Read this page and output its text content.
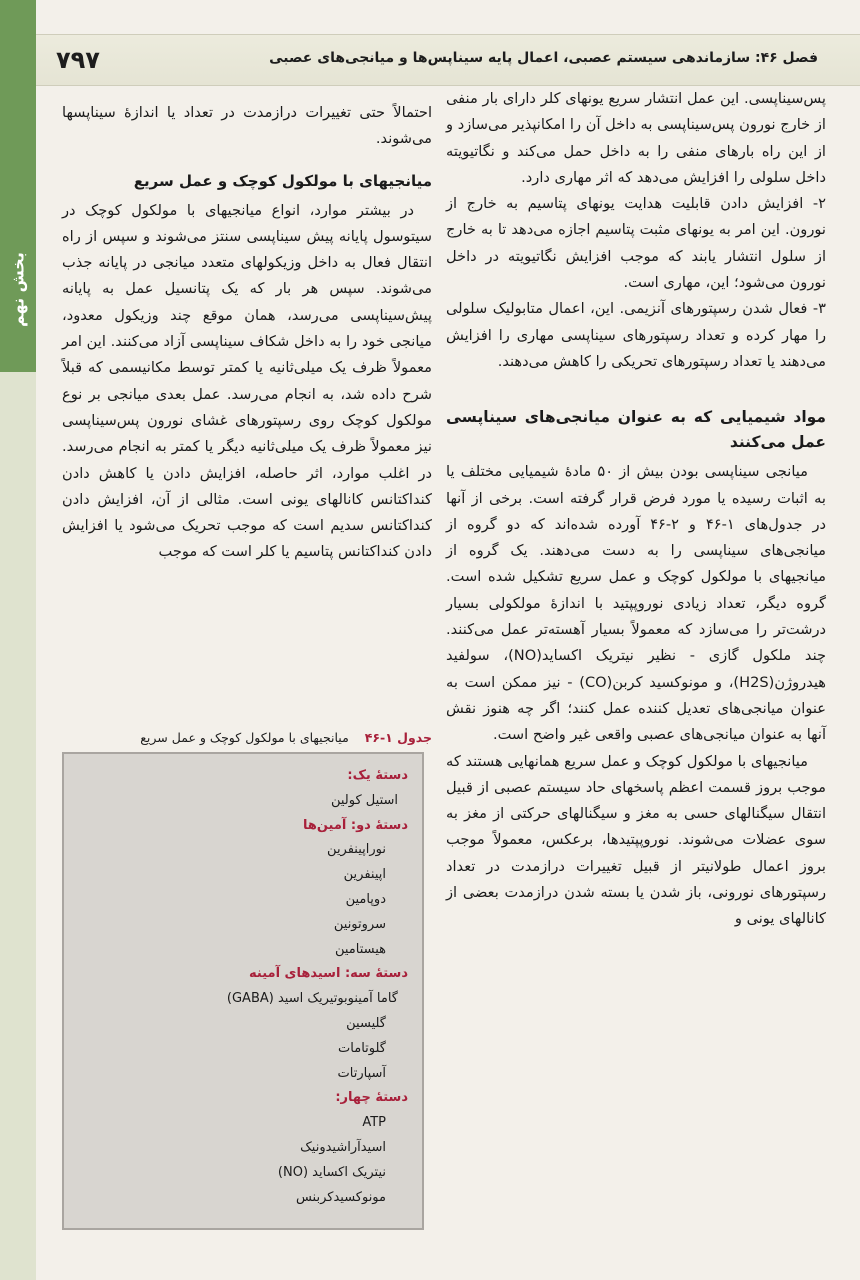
بخش نهم
فصل ۴۶: سازماندهی سیستم عصبی، اعمال پایه سیناپس‌ها و میانجی‌های عصبی
۷۹۷

پس‌سیناپسی. این عمل انتشار سریع یونهای کلر دارای بار منفی از خارج نورون پس‌سیناپسی به داخل آن را امکانپذیر می‌سازد و از این راه بارهای منفی را به داخل حمل می‌کند و نگاتیویته داخل سلولی را افزایش می‌دهد که اثر مهاری دارد.

۲- افزایش دادن قابلیت هدایت یونهای پتاسیم به خارج از نورون. این امر به یونهای مثبت پتاسیم اجازه می‌دهد تا به خارج از سلول انتشار یابند که موجب افزایش نگاتیویته در داخل نورون می‌شود؛ این، مهاری است.

۳- فعال شدن رسپتورهای آنزیمی. این، اعمال متابولیک سلولی را مهار کرده و تعداد رسپتورهای سیناپسی مهاری را افزایش می‌دهند یا تعداد رسپتورهای تحریکی را کاهش می‌دهند.

مواد شیمیایی که به عنوان میانجی‌های سیناپسی عمل می‌کنند

میانجی سیناپسی بودن بیش از ۵۰ مادهٔ شیمیایی مختلف یا به اثبات رسیده یا مورد فرض قرار گرفته است. برخی از آنها در جدول‌های ۱-۴۶ و ۲-۴۶ آورده شده‌اند که دو گروه از میانجی‌های سیناپسی را به دست می‌دهند. یک گروه از میانجیهای با مولکول کوچک و عمل سریع تشکیل شده است. گروه دیگر، تعداد زیادی نوروپپتید با اندازهٔ مولکولی بسیار درشت‌تر را می‌سازد که معمولاً بسیار آهسته‌تر عمل می‌کنند. چند ملکول گازی - نظیر نیتریک اکساید(NO)، سولفید هیدروژن(H2S)، و مونوکسید کربن(CO) - نیز ممکن است به عنوان میانجی‌های تعدیل کننده عمل کنند؛ اگر چه هنوز نقش آنها به عنوان میانجی‌های عصبی واقعی غیر واضح است.

میانجیهای با مولکول کوچک و عمل سریع همانهایی هستند که موجب بروز قسمت اعظم پاسخهای حاد سیستم عصبی از قبیل انتقال سیگنالهای حسی به مغز و سیگنالهای حرکتی از مغز به سوی عضلات می‌شوند. نوروپپتیدها، برعکس، معمولاً موجب بروز اعمال طولانیتر از قبیل تغییرات درازمدت در تعداد رسپتورهای نورونی، باز شدن یا بسته شدن درازمدت بعضی از کانالهای یونی و

احتمالاً حتی تغییرات درازمدت در تعداد یا اندازهٔ سیناپسها می‌شوند.

میانجیهای با مولکول کوچک و عمل سریع

در بیشتر موارد، انواع میانجیهای با مولکول کوچک در سیتوسول پایانه پیش سیناپسی سنتز می‌شوند و سپس از راه انتقال فعال به داخل وزیکولهای متعدد میانجی در پایانه جذب می‌شوند. سپس هر بار که یک پتانسیل عمل به پایانه پیش‌سیناپسی می‌رسد، همان موقع چند وزیکول معدود، میانجی خود را به داخل شکاف سیناپسی آزاد می‌کنند. این امر معمولاً ظرف یک میلی‌ثانیه یا کمتر توسط مکانیسمی که قبلاً شرح داده شد، به انجام می‌رسد. عمل بعدی میانجی بر نوع مولکول کوچک روی رسپتورهای غشای نورون پس‌سیناپسی نیز معمولاً ظرف یک میلی‌ثانیه دیگر یا کمتر به انجام می‌رسد. در اغلب موارد، اثر حاصله، افزایش دادن یا کاهش دادن کنداکتانس کانالهای یونی است. مثالی از آن، افزایش دادن کنداکتانس سدیم است که موجب تحریک می‌شود یا افزایش دادن کنداکتانس پتاسیم یا کلر است که موجب

جدول ۱-۴۶    میانجیهای با مولکول کوچک و عمل سریع
دستهٔ یک:
استیل کولین
دستهٔ دو: آمین‌ها
نوراپینفرین
اپینفرین
دوپامین
سروتونین
هیستامین
دستهٔ سه: اسیدهای آمینه
گاما آمینوبوتیریک اسید (GABA)
گلیسین
گلوتامات
آسپارتات
دستهٔ چهار:
ATP
اسیدآراشیدونیک
نیتریک اکساید (NO)
مونوکسیدکربنس
